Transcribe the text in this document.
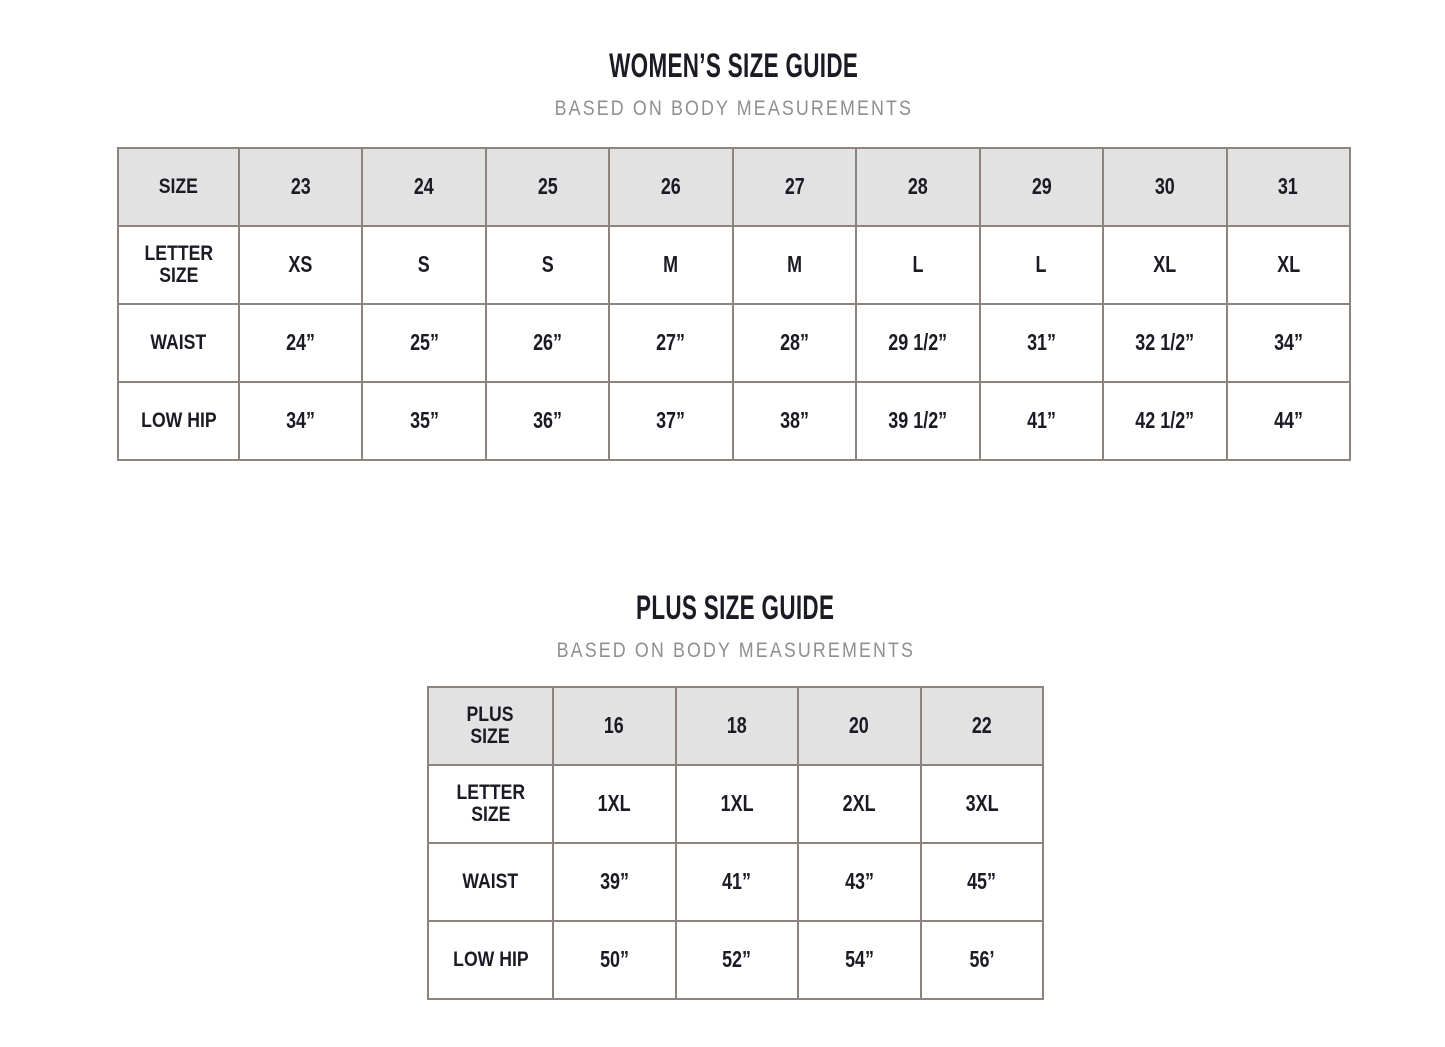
WOMEN’S SIZE GUIDE
BASED ON BODY MEASUREMENTS
SIZE	23	24	25	26	27	28	29	30	31
LETTER
SIZE	XS	S	S	M	M	L	L	XL	XL
WAIST	24”	25”	26”	27”	28”	29 1/2”	31”	32 1/2”	34”
LOW HIP	34”	35”	36”	37”	38”	39 1/2”	41”	42 1/2”	44”
PLUS SIZE GUIDE
BASED ON BODY MEASUREMENTS
PLUS
SIZE	16	18	20	22
LETTER
SIZE	1XL	1XL	2XL	3XL
WAIST	39”	41”	43”	45”
LOW HIP	50”	52”	54”	56’
